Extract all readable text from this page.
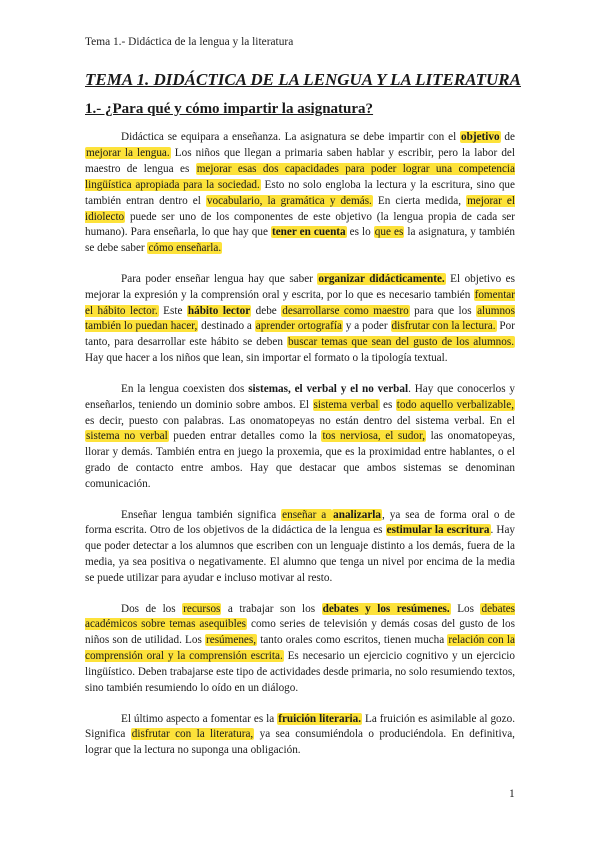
Tema 1.- Didáctica de la lengua y la literatura
TEMA 1. DIDÁCTICA DE LA LENGUA Y LA LITERATURA
1.- ¿Para qué y cómo impartir la asignatura?

Didáctica se equipara a enseñanza. La asignatura se debe impartir con el objetivo de mejorar la lengua. Los niños que llegan a primaria saben hablar y escribir, pero la labor del maestro de lengua es mejorar esas dos capacidades para poder lograr una competencia lingüística apropiada para la sociedad. Esto no solo engloba la lectura y la escritura, sino que también entran dentro el vocabulario, la gramática y demás. En cierta medida, mejorar el idiolecto puede ser uno de los componentes de este objetivo (la lengua propia de cada ser humano). Para enseñarla, lo que hay que tener en cuenta es lo que es la asignatura, y también se debe saber cómo enseñarla.

Para poder enseñar lengua hay que saber organizar didácticamente. El objetivo es mejorar la expresión y la comprensión oral y escrita, por lo que es necesario también fomentar el hábito lector. Este hábito lector debe desarrollarse como maestro para que los alumnos también lo puedan hacer, destinado a aprender ortografía y a poder disfrutar con la lectura. Por tanto, para desarrollar este hábito se deben buscar temas que sean del gusto de los alumnos. Hay que hacer a los niños que lean, sin importar el formato o la tipología textual.

En la lengua coexisten dos sistemas, el verbal y el no verbal. Hay que conocerlos y enseñarlos, teniendo un dominio sobre ambos. El sistema verbal es todo aquello verbalizable, es decir, puesto con palabras. Las onomatopeyas no están dentro del sistema verbal. En el sistema no verbal pueden entrar detalles como la tos nerviosa, el sudor, las onomatopeyas, llorar y demás. También entra en juego la proxemia, que es la proximidad entre hablantes, o el grado de contacto entre ambos. Hay que destacar que ambos sistemas se denominan comunicación.

Enseñar lengua también significa enseñar a analizarla, ya sea de forma oral o de forma escrita. Otro de los objetivos de la didáctica de la lengua es estimular la escritura. Hay que poder detectar a los alumnos que escriben con un lenguaje distinto a los demás, fuera de la media, ya sea positiva o negativamente. El alumno que tenga un nivel por encima de la media se puede utilizar para ayudar e incluso motivar al resto.

Dos de los recursos a trabajar son los debates y los resúmenes. Los debates académicos sobre temas asequibles como series de televisión y demás cosas del gusto de los niños son de utilidad. Los resúmenes, tanto orales como escritos, tienen mucha relación con la comprensión oral y la comprensión escrita. Es necesario un ejercicio cognitivo y un ejercicio lingüístico. Deben trabajarse este tipo de actividades desde primaria, no solo resumiendo textos, sino también resumiendo lo oído en un diálogo.

El último aspecto a fomentar es la fruición literaria. La fruición es asimilable al gozo. Significa disfrutar con la literatura, ya sea consumiéndola o produciéndola. En definitiva, lograr que la lectura no suponga una obligación.

1
